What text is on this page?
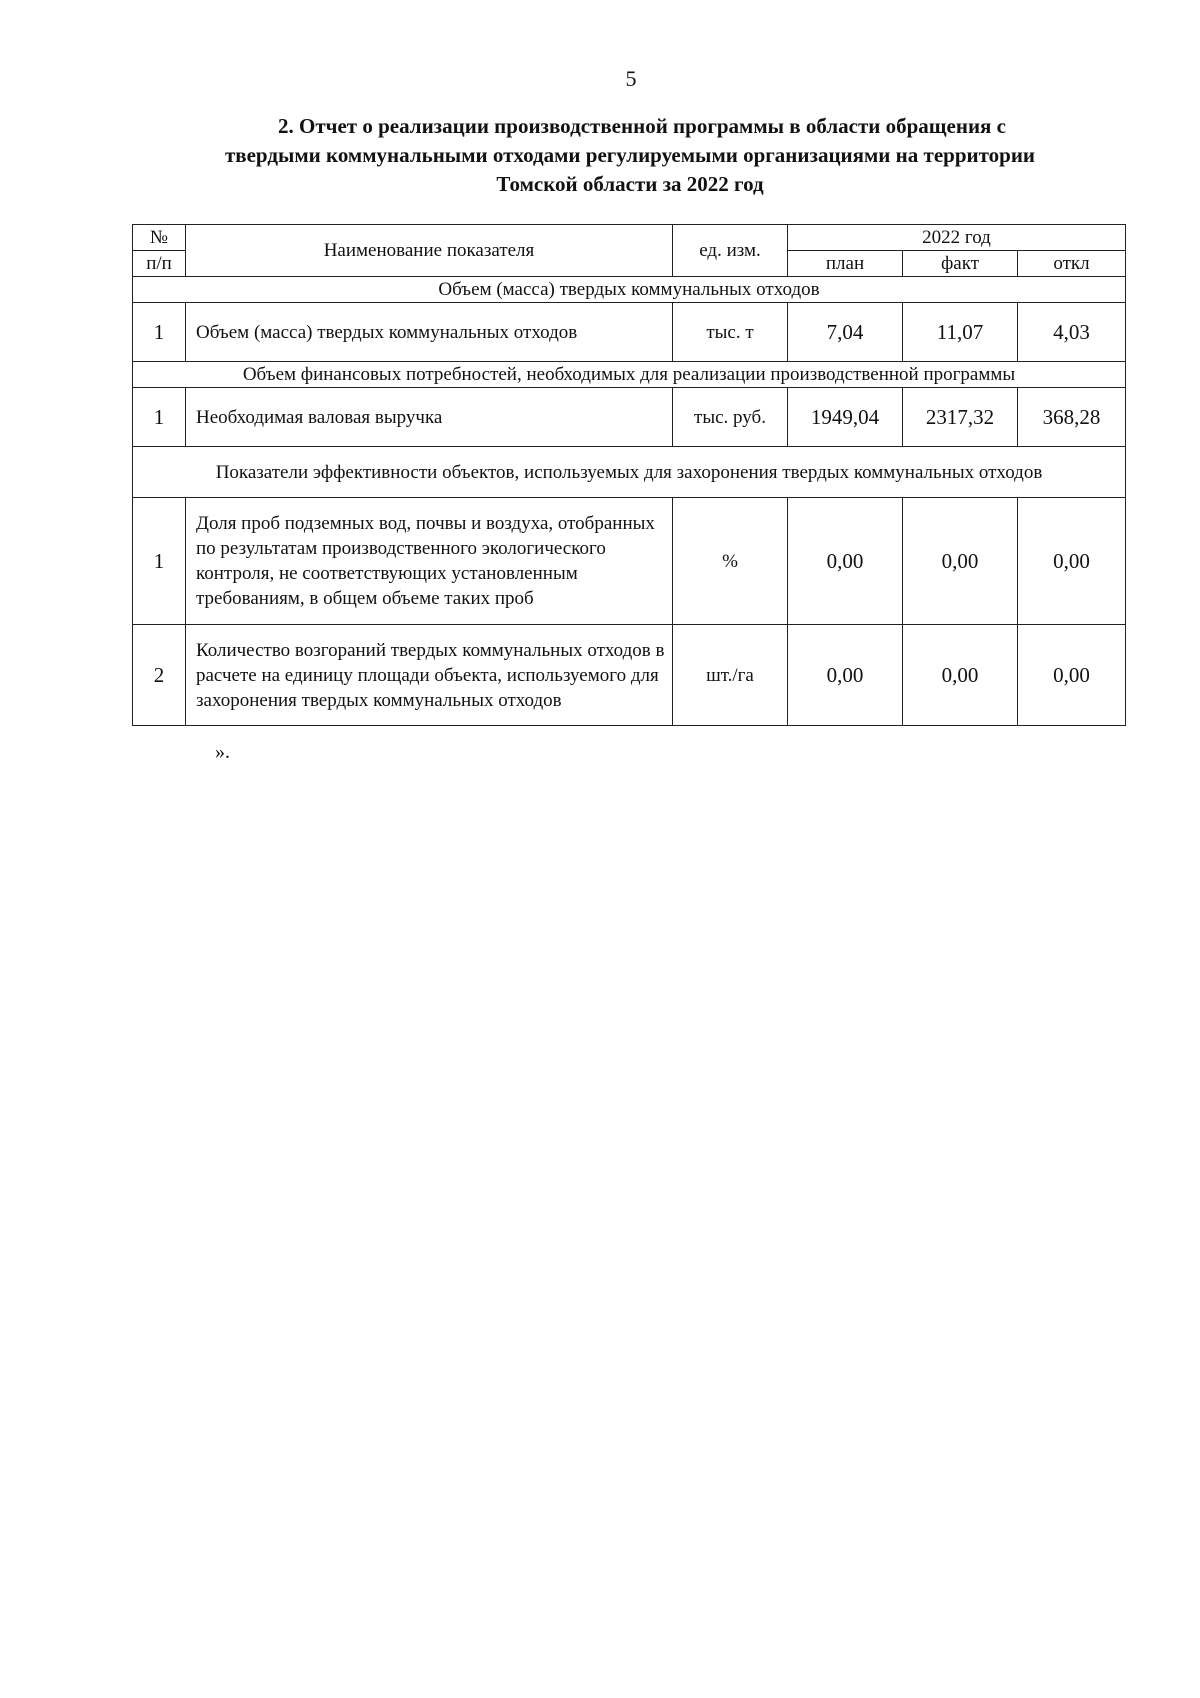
5
2. Отчет о реализации производственной программы в области обращения с
твердыми коммунальными отходами регулируемыми организациями на территории
Томской области за 2022 год
№	Наименование показателя	ед. изм.	2022 год		
п/п			план	факт	откл
Объем (масса) твердых коммунальных отходов					
1	Объем (масса) твердых коммунальных отходов	тыс. т	7,04	11,07	4,03
Объем финансовых потребностей, необходимых для реализации производственной программы					
1	Необходимая валовая выручка	тыс. руб.	1949,04	2317,32	368,28
Показатели эффективности объектов, используемых для захоронения твердых коммунальных отходов					
1	Доля проб подземных вод, почвы и воздуха, отобранных по результатам производственного экологического контроля, не соответствующих установленным требованиям, в общем объеме таких проб	%	0,00	0,00	0,00
2	Количество возгораний твердых коммунальных отходов в расчете на единицу площади объекта, используемого для захоронения твердых коммунальных отходов	шт./га	0,00	0,00	0,00
».
